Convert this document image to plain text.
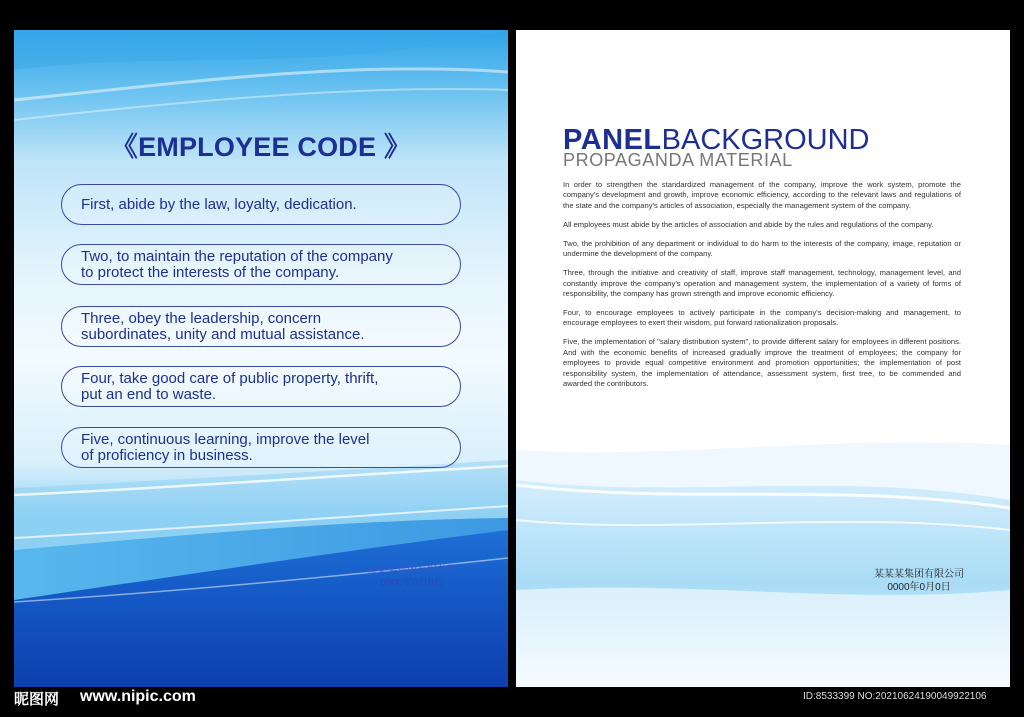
《EMPLOYEE CODE 》
First, abide by the law, loyalty, dedication.
Two, to maintain the reputation of the company
to protect the interests of the company.
Three, obey the leadership, concern
subordinates, unity and mutual assistance.
Four, take good care of public property, thrift,
put an end to waste.
Five, continuous learning, improve the level
of proficiency in business.
某某某集团有限公司
0000年0月0日
PANELBACKGROUND
PROPAGANDA MATERIAL

In order to strengthen the standardized management of the company, improve the work system, promote the company's development and growth, improve economic efficiency, according to the relevant laws and regulations of the state and the company's articles of association, especially the management system of the company.

All employees must abide by the articles of association and abide by the rules and regulations of the company.

Two, the prohibition of any department or individual to do harm to the interests of the company, image, reputation or undermine the development of the company.

Three, through the initiative and creativity of staff, improve staff management, technology, management level, and constantly improve the company's operation and management system, the implementation of a variety of forms of responsibility, the company has grown strength and improve economic efficiency.

Four, to encourage employees to actively participate in the company's decision-making and management, to encourage employees to exert their wisdom, put forward rationalization proposals.

Five, the implementation of "salary distribution system", to provide different salary for employees in different positions. And with the economic benefits of increased gradually improve the treatment of employees; the company for employees to provide equal competitive environment and promotion opportunities; the implementation of post responsibility system, the implementation of attendance, assessment system, first tree, to be commended and awarded the contributors.

某某某集团有限公司
0000年0月0日
昵图网 www.nipic.com	ID:8533399 NO:20210624190049922106
